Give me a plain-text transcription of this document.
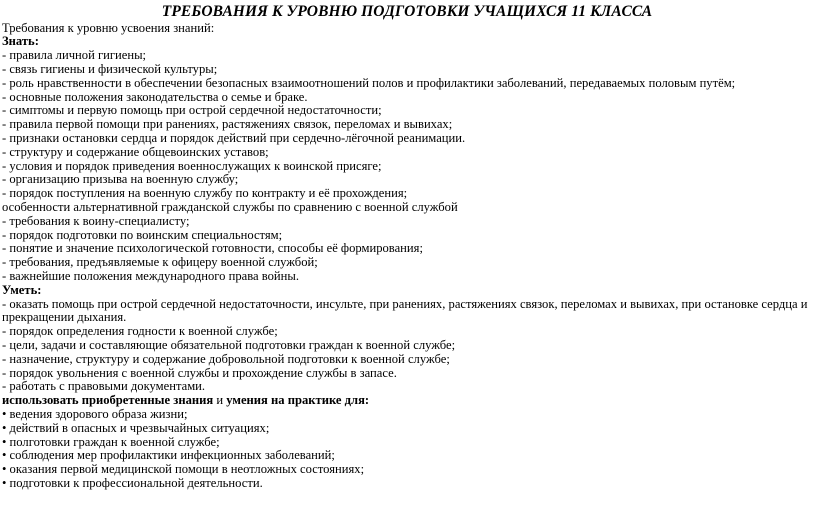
ТРЕБОВАНИЯ К УРОВНЮ ПОДГОТОВКИ УЧАЩИХСЯ 11 КЛАССА
Требования к уровню усвоения знаний:
Знать:
- правила личной гигиены;
- связь гигиены и физической культуры;
- роль нравственности в обеспечении безопасных взаимоотношений полов и профилактики заболеваний, передаваемых половым путём;
- основные положения законодательства о семье и браке.
- симптомы и первую помощь при острой сердечной недостаточности;
- правила первой помощи при ранениях, растяжениях связок, переломах и вывихах;
- признаки остановки сердца и порядок действий при сердечно-лёгочной реанимации.
- структуру и содержание общевоинских уставов;
- условия и порядок приведения военнослужащих к воинской присяге;
- организацию призыва на военную службу;
- порядок поступления на военную службу по контракту и её прохождения;
особенности альтернативной гражданской службы по сравнению с военной службой
- требования к воину-специалисту;
- порядок подготовки по воинским специальностям;
- понятие и значение психологической готовности, способы её формирования;
- требования, предъявляемые к офицеру военной службой;
- важнейшие положения международного права войны.
Уметь:
- оказать помощь при острой сердечной недостаточности, инсульте, при ранениях, растяжениях связок, переломах и вывихах, при остановке сердца и прекращении дыхания.
- порядок определения годности к военной службе;
- цели, задачи и составляющие обязательной подготовки граждан к военной службе;
- назначение, структуру и содержание добровольной подготовки к военной службе;
- порядок увольнения с военной службы и прохождение службы в запасе.
- работать с правовыми документами.
использовать приобретенные знания и умения на практике для:
• ведения здорового образа жизни;
• действий в опасных и чрезвычайных ситуациях;
• полготовки граждан к военной службе;
• соблюдения мер профилактики инфекционных заболеваний;
• оказания первой медицинской помощи в неотложных состояниях;
• подготовки к профессиональной деятельности.
